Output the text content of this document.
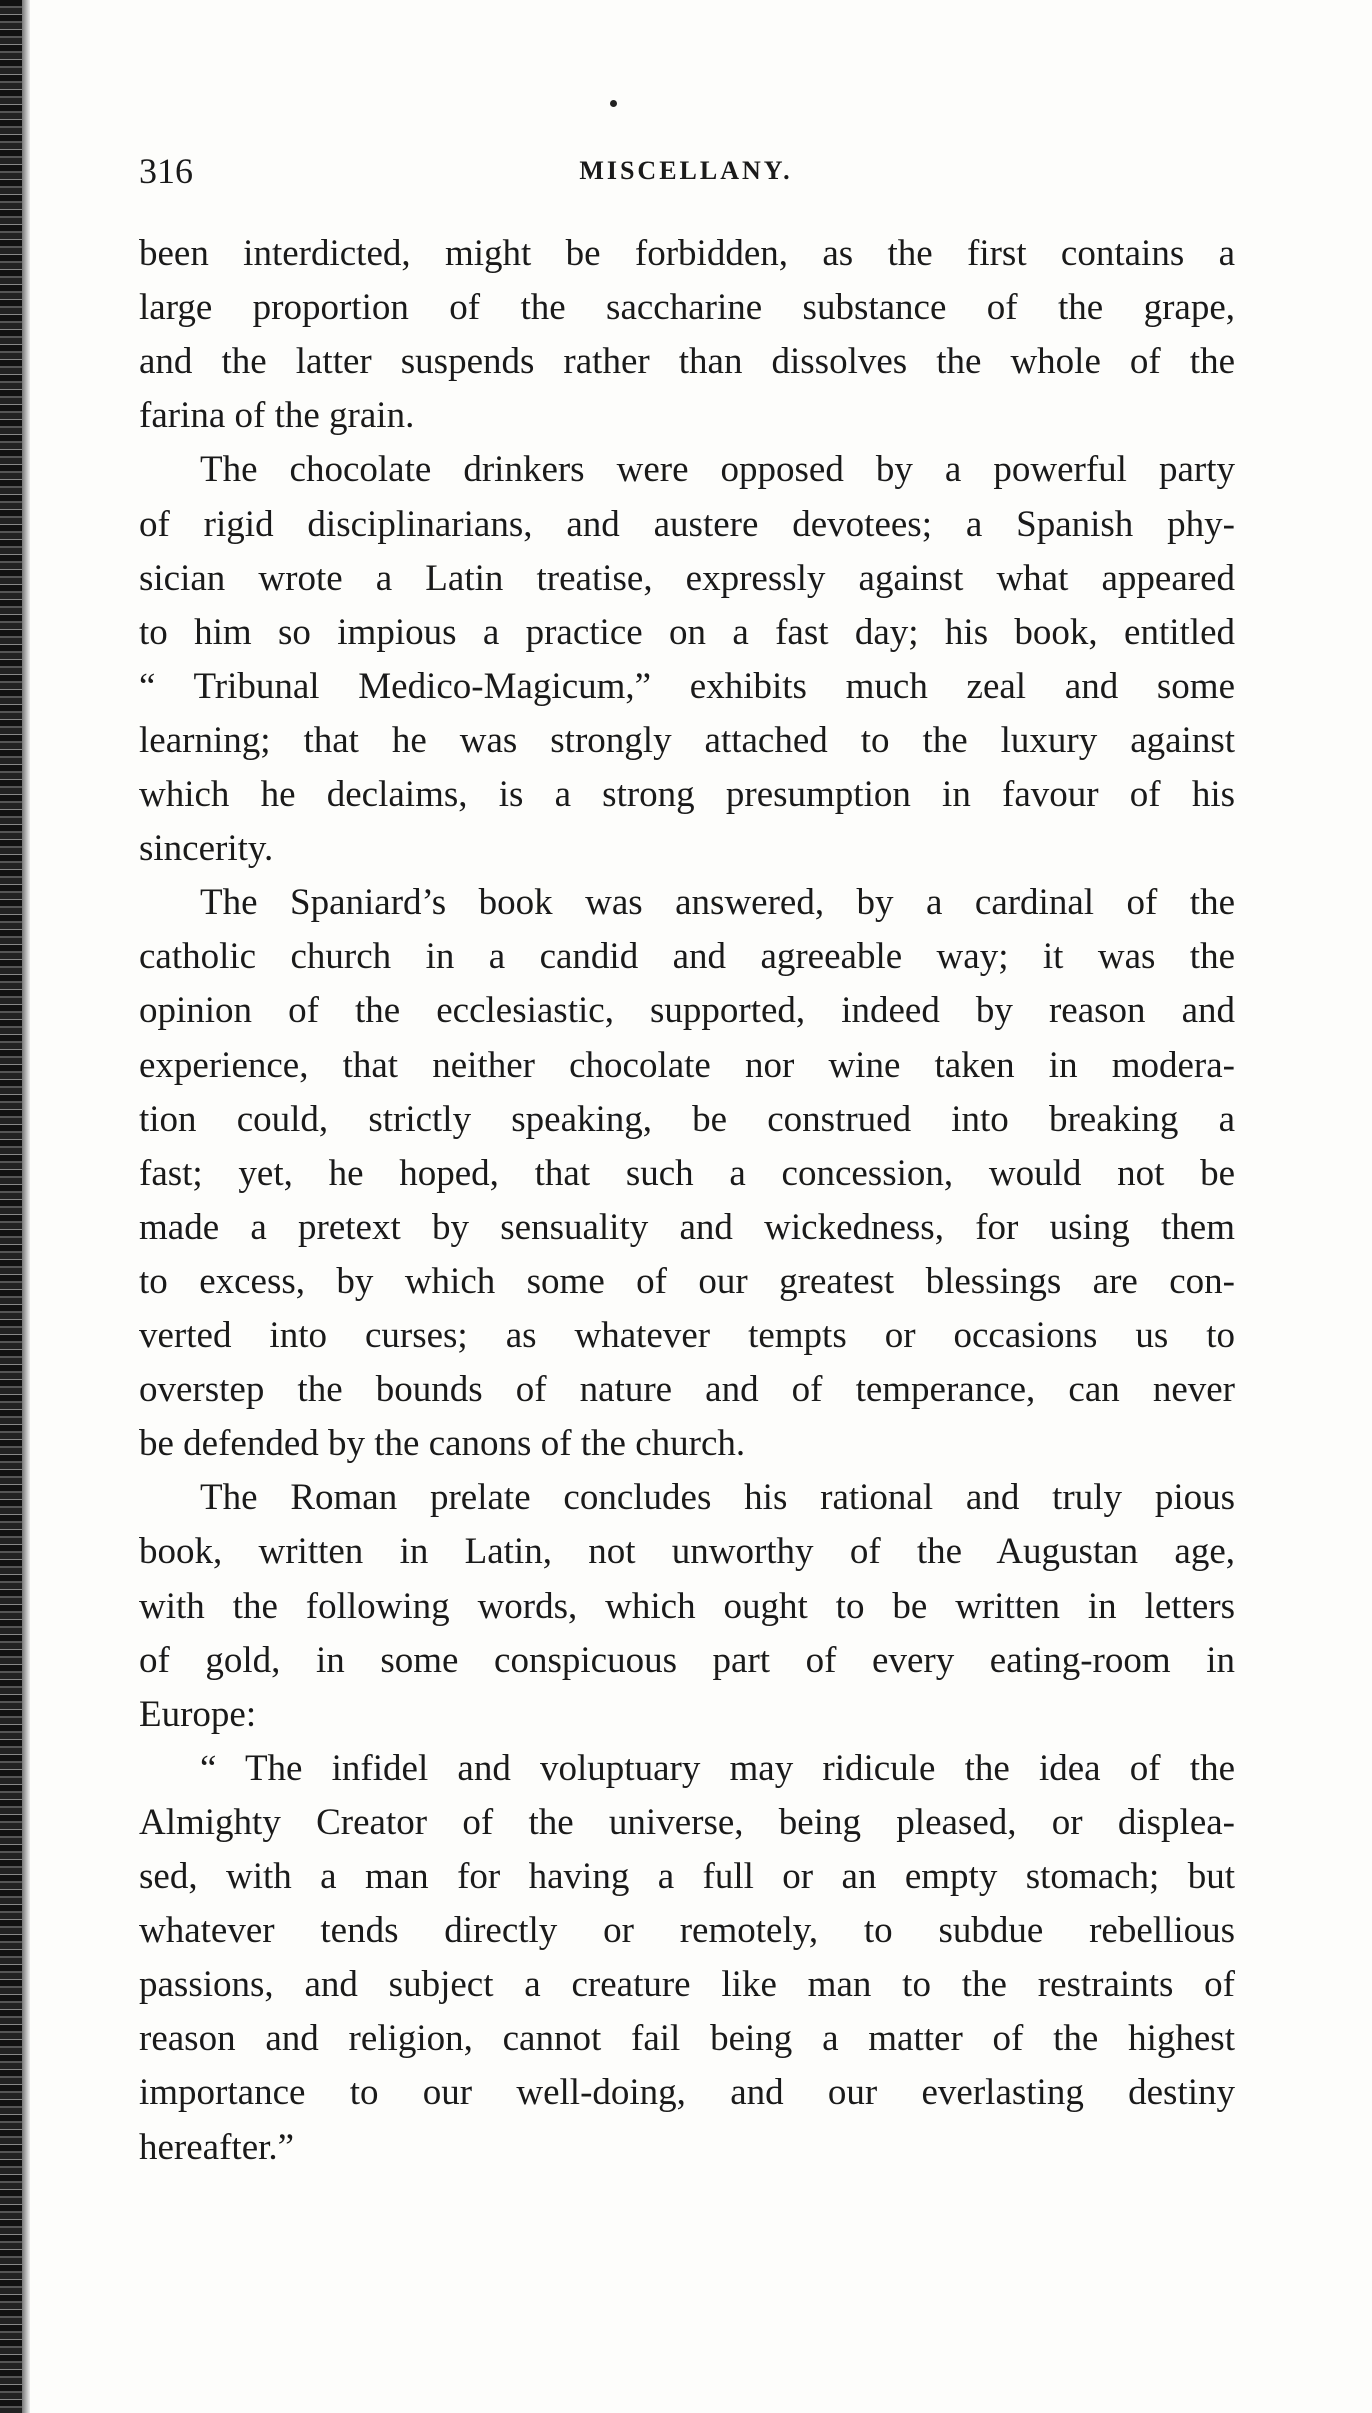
316	MISCELLANY.
been interdicted, might be forbidden, as the first contains a
large proportion of the saccharine substance of the grape,
and the latter suspends rather than dissolves the whole of the
farina of the grain.
The chocolate drinkers were opposed by a powerful party
of rigid disciplinarians, and austere devotees; a Spanish phy-
sician wrote a Latin treatise, expressly against what appeared
to him so impious a practice on a fast day; his book, entitled
“ Tribunal Medico-Magicum,” exhibits much zeal and some
learning; that he was strongly attached to the luxury against
which he declaims, is a strong presumption in favour of his
sincerity.
The Spaniard’s book was answered, by a cardinal of the
catholic church in a candid and agreeable way; it was the
opinion of the ecclesiastic, supported, indeed by reason and
experience, that neither chocolate nor wine taken in modera-
tion could, strictly speaking, be construed into breaking a
fast; yet, he hoped, that such a concession, would not be
made a pretext by sensuality and wickedness, for using them
to excess, by which some of our greatest blessings are con-
verted into curses; as whatever tempts or occasions us to
overstep the bounds of nature and of temperance, can never
be defended by the canons of the church.
The Roman prelate concludes his rational and truly pious
book, written in Latin, not unworthy of the Augustan age,
with the following words, which ought to be written in letters
of gold, in some conspicuous part of every eating-room in
Europe:
“ The infidel and voluptuary may ridicule the idea of the
Almighty Creator of the universe, being pleased, or displea-
sed, with a man for having a full or an empty stomach; but
whatever tends directly or remotely, to subdue rebellious
passions, and subject a creature like man to the restraints of
reason and religion, cannot fail being a matter of the highest
importance to our well-doing, and our everlasting destiny
hereafter.”
